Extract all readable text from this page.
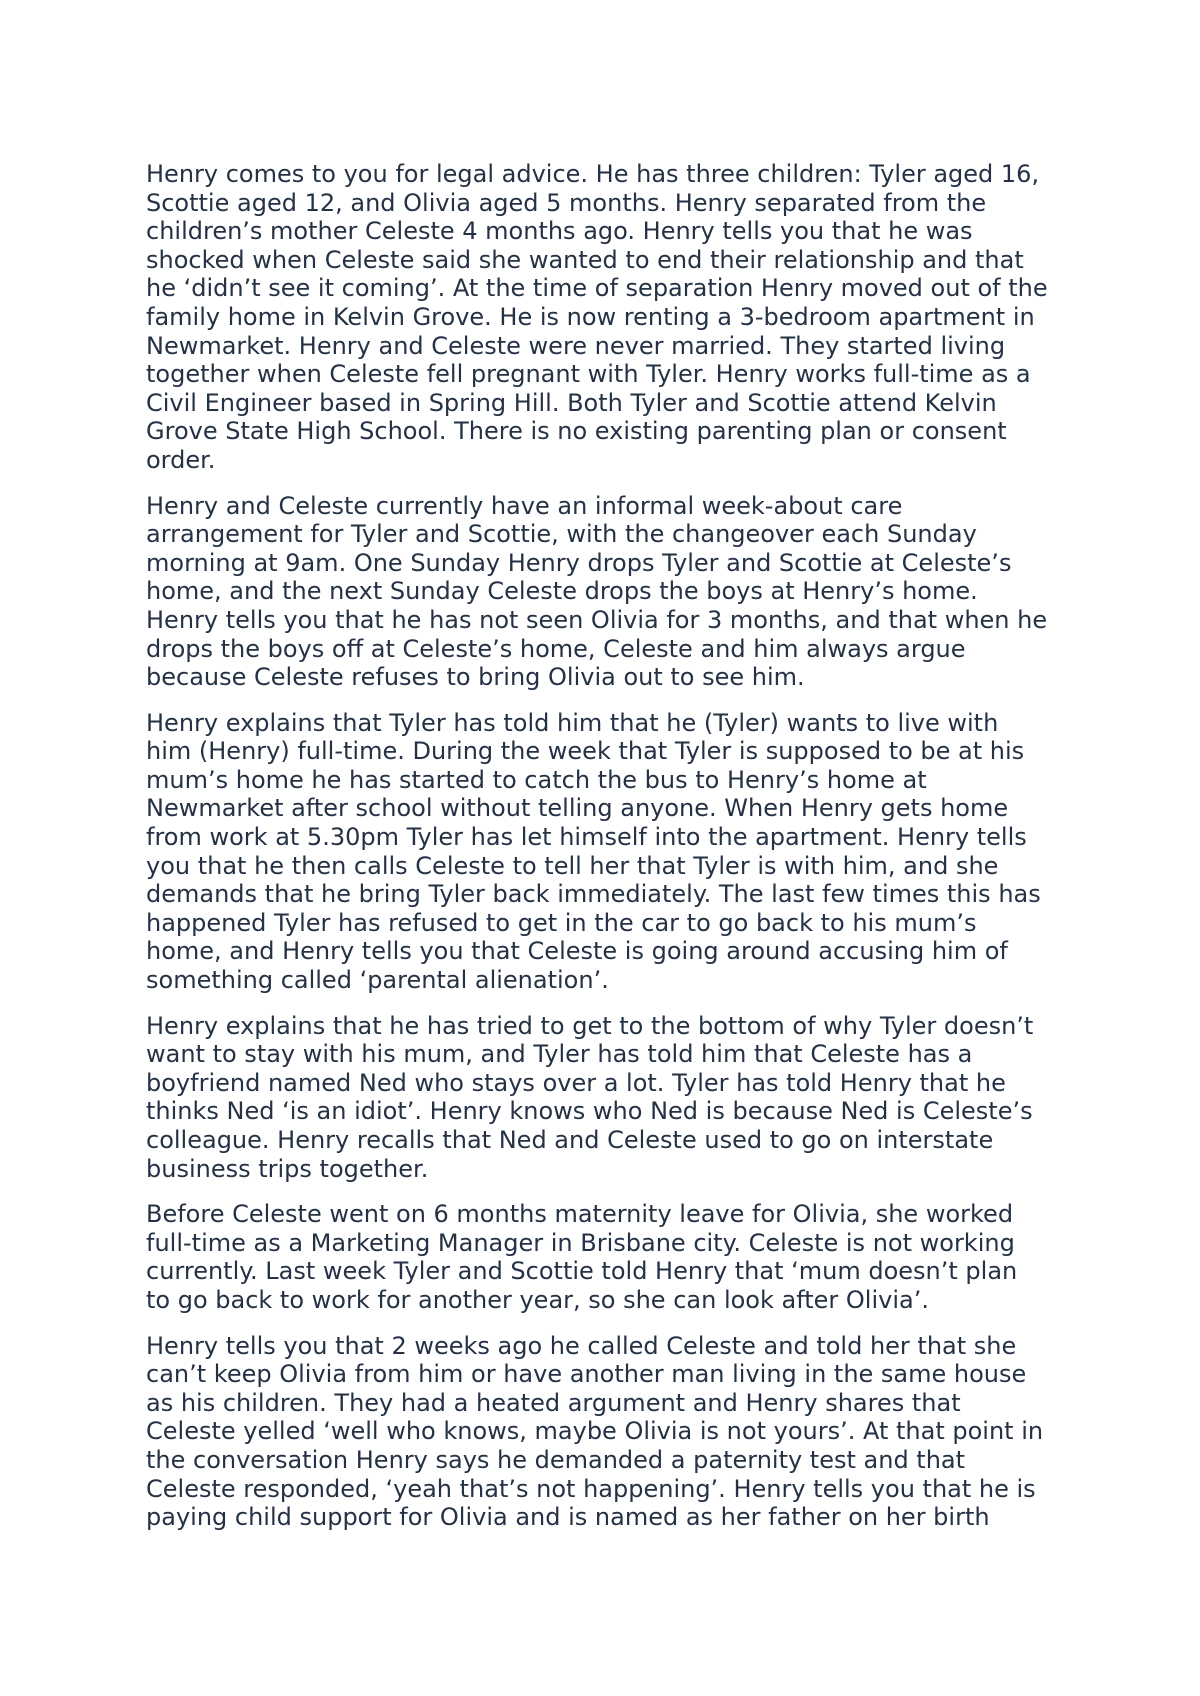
Henry comes to you for legal advice. He has three children: Tyler aged 16,
Scottie aged 12, and Olivia aged 5 months. Henry separated from the
children’s mother Celeste 4 months ago. Henry tells you that he was
shocked when Celeste said she wanted to end their relationship and that
he ‘didn’t see it coming’. At the time of separation Henry moved out of the
family home in Kelvin Grove. He is now renting a 3-bedroom apartment in
Newmarket. Henry and Celeste were never married. They started living
together when Celeste fell pregnant with Tyler. Henry works full-time as a
Civil Engineer based in Spring Hill. Both Tyler and Scottie attend Kelvin
Grove State High School. There is no existing parenting plan or consent
order.

Henry and Celeste currently have an informal week-about care
arrangement for Tyler and Scottie, with the changeover each Sunday
morning at 9am. One Sunday Henry drops Tyler and Scottie at Celeste’s
home, and the next Sunday Celeste drops the boys at Henry’s home.
Henry tells you that he has not seen Olivia for 3 months, and that when he
drops the boys off at Celeste’s home, Celeste and him always argue
because Celeste refuses to bring Olivia out to see him.

Henry explains that Tyler has told him that he (Tyler) wants to live with
him (Henry) full-time. During the week that Tyler is supposed to be at his
mum’s home he has started to catch the bus to Henry’s home at
Newmarket after school without telling anyone. When Henry gets home
from work at 5.30pm Tyler has let himself into the apartment. Henry tells
you that he then calls Celeste to tell her that Tyler is with him, and she
demands that he bring Tyler back immediately. The last few times this has
happened Tyler has refused to get in the car to go back to his mum’s
home, and Henry tells you that Celeste is going around accusing him of
something called ‘parental alienation’.

Henry explains that he has tried to get to the bottom of why Tyler doesn’t
want to stay with his mum, and Tyler has told him that Celeste has a
boyfriend named Ned who stays over a lot. Tyler has told Henry that he
thinks Ned ‘is an idiot’. Henry knows who Ned is because Ned is Celeste’s
colleague. Henry recalls that Ned and Celeste used to go on interstate
business trips together.

Before Celeste went on 6 months maternity leave for Olivia, she worked
full-time as a Marketing Manager in Brisbane city. Celeste is not working
currently. Last week Tyler and Scottie told Henry that ‘mum doesn’t plan
to go back to work for another year, so she can look after Olivia’.

Henry tells you that 2 weeks ago he called Celeste and told her that she
can’t keep Olivia from him or have another man living in the same house
as his children. They had a heated argument and Henry shares that
Celeste yelled ‘well who knows, maybe Olivia is not yours’. At that point in
the conversation Henry says he demanded a paternity test and that
Celeste responded, ‘yeah that’s not happening’. Henry tells you that he is
paying child support for Olivia and is named as her father on her birth
